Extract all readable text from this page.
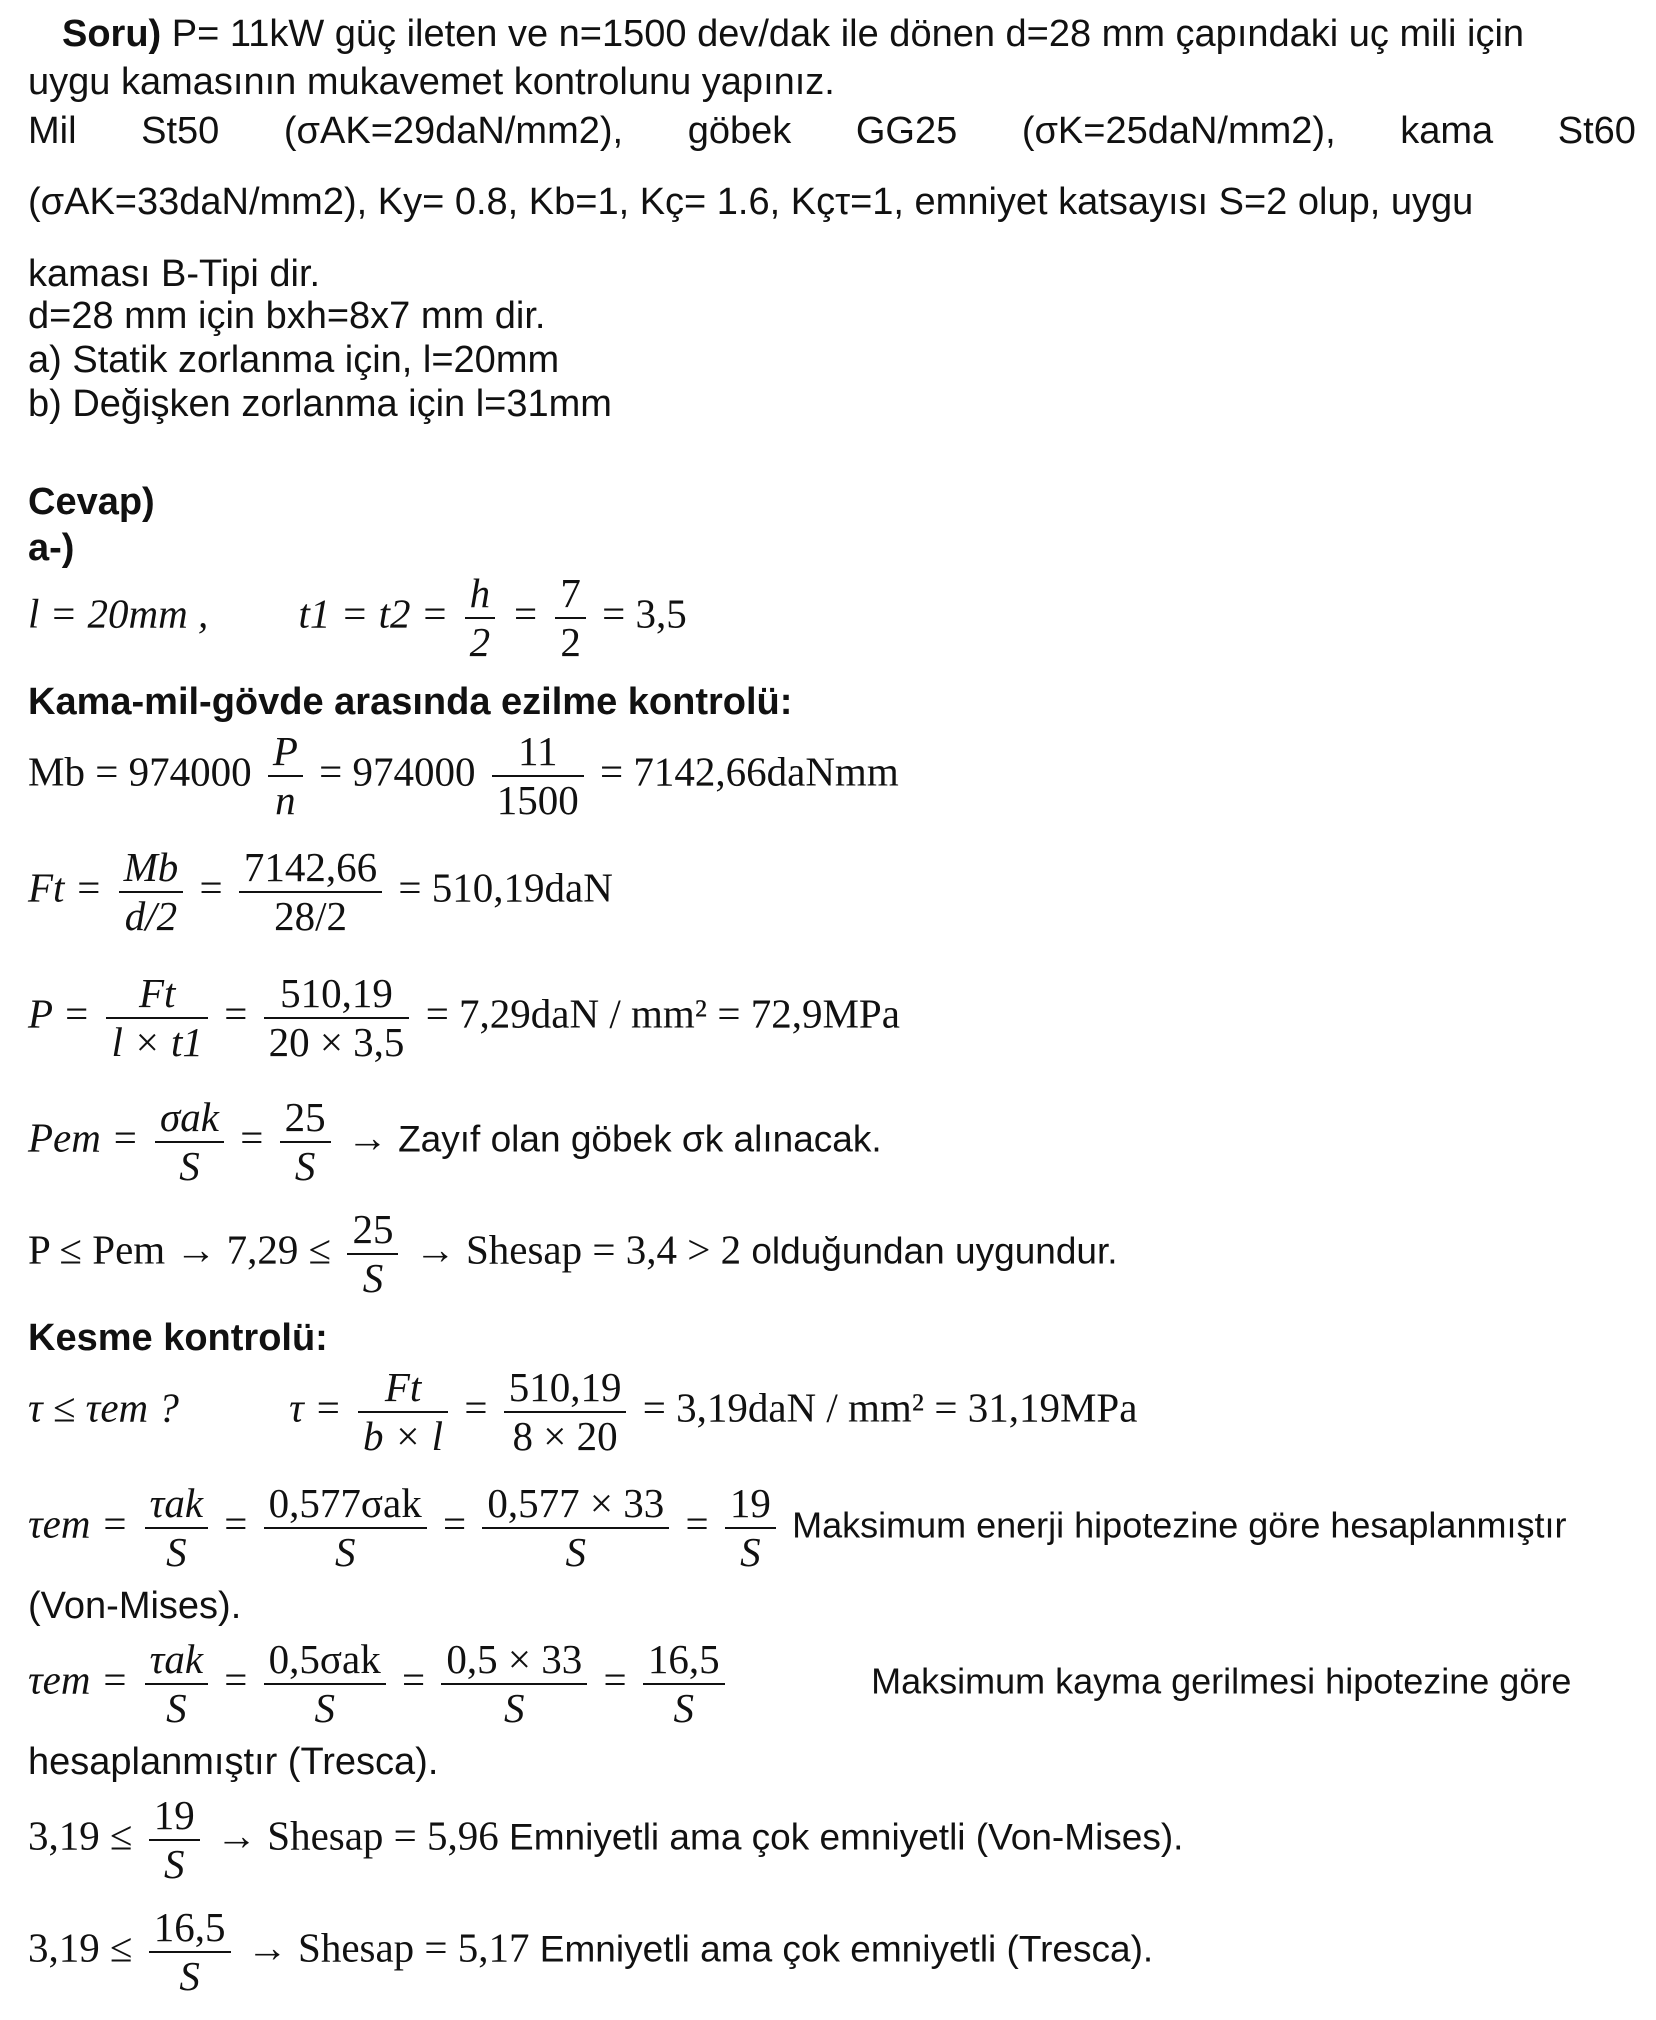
Soru) P= 11kW güç ileten ve n=1500 dev/dak ile dönen d=28 mm çapındaki uç mili için
uygu kamasının mukavemet kontrolunu yapınız.
Mil St50 (σAK=29daN/mm2), göbek GG25 (σK=25daN/mm2), kama St60
(σAK=33daN/mm2), Ky= 0.8, Kb=1, Kç= 1.6, Kçτ=1, emniyet katsayısı S=2 olup, uygu
kaması B-Tipi dir.
d=28 mm için bxh=8x7 mm dir.
a) Statik zorlanma için, l=20mm
b) Değişken zorlanma için l=31mm
Cevap)
a-)
l = 20mm , $t1 = t2 = \frac{h}{2} = \frac{7}{2} = 3,5$
Kama-mil-gövde arasında ezilme kontrolü:
$Mb = 974000 \frac{P}{n} = 974000 \frac{11}{1500}$ = 7142,66daNmm
$Ft = \frac{Mb}{d/2} = \frac{7142,66}{28/2} = 510,19daN$
$P = \frac{Ft}{l \times t1} = \frac{510,19}{20 \times 3,5} = 7,29daN / mm^2 = 72,9MPa$
Pem = σak
S
= $\frac{25}{S}$ → Zayıf olan göbek σk alınacak.
P ≤ Pem → $7,29 \le \frac{25}{S}$ → Shesap = 3,4 > 2 olduğundan uygundur.
Kesme kontrolü:
τ ≤ τem ?	$\tau = \frac{Ft}{b \times l} = \frac{510,19}{8 \times 20} = 3,19daN / mm^2 = 31,19MPa$
τem = τak
S
= 0,577σak
S
= $\frac{0,577 \times 33}{S} = \frac{19}{S}$ Maksimum enerji hipotezine göre hesaplanmıştır
(Von-Mises).
τem = τak
S
= 0,5σak
S
= $\frac{0,5 \times 33}{S} = \frac{16,5}{S}$	Maksimum kayma gerilmesi hipotezine göre
hesaplanmıştır (Tresca).
$3,19 \le \frac{19}{S}$ → Shesap = 5,96 Emniyetli ama çok emniyetli (Von-Mises).
$3,19 \le \frac{16,5}{S}$ → Shesap = 5,17 Emniyetli ama çok emniyetli (Tresca).
